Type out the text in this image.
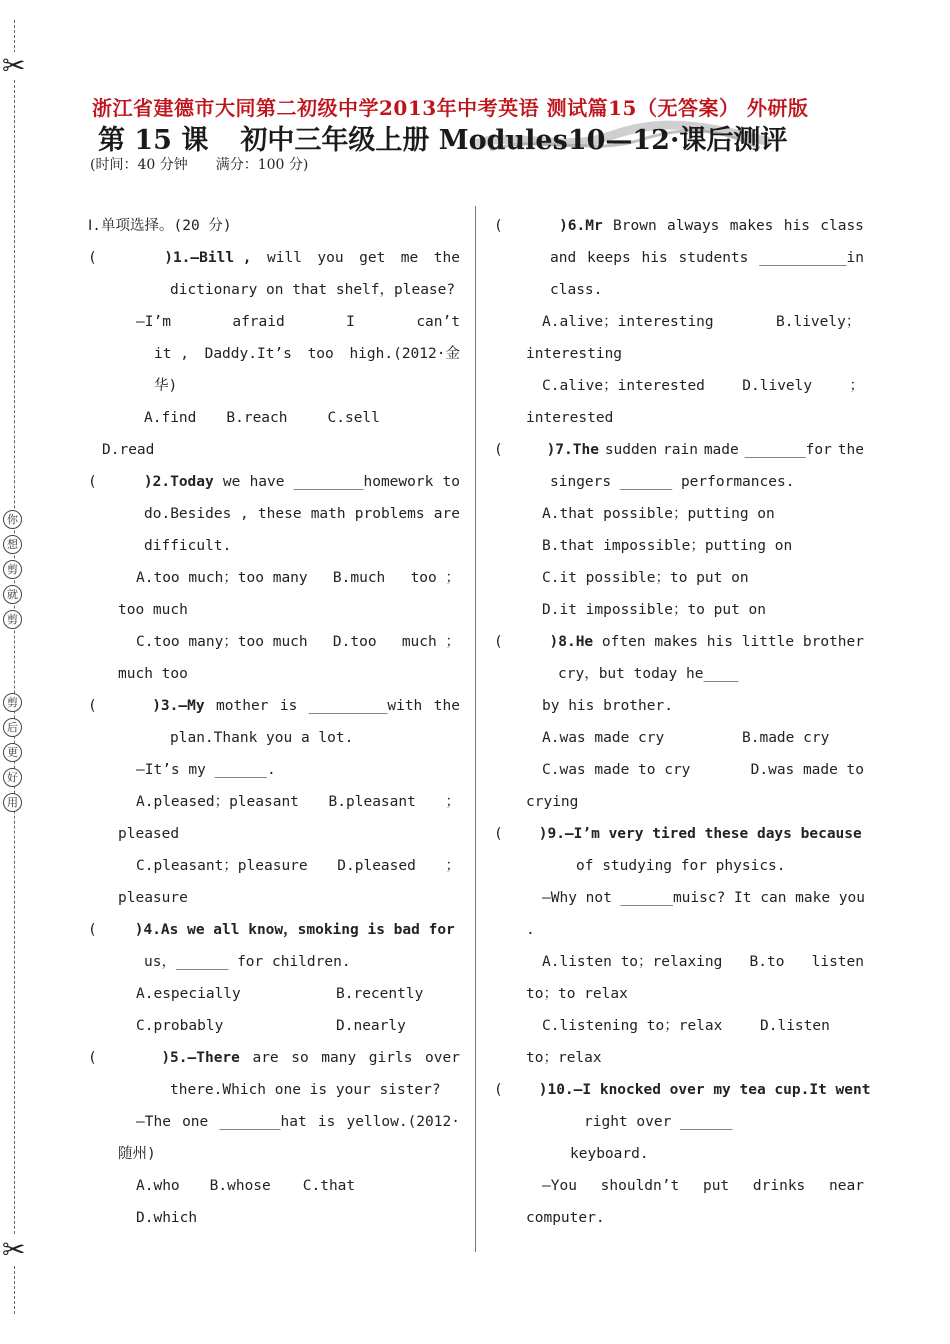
✂
✂
你
想
剪
就
剪
剪
后
更
好
用
浙江省建德市大同第二初级中学2013年中考英语 测试篇15（无答案） 外研版
第 15 课 初中三年级上册 Modules10—12·课后测评
(时间：40 分钟 满分：100 分)
Ⅰ.单项选择。(20 分)
(	)1.—Bill , will you get me the
dictionary on that shelf，please?
—I’m	afraid	I	can’t
it , Daddy.It’s too high.(2012·金
华)
A.find B.reach	C.sell
D.read
(	)2.Today we have ________homework to
do.Besides , these math problems are
difficult.
A.too much；too many B.much too ；
too much
C.too many；too much D.too much ；
much too
(	)3.—My mother is _________with the
plan.Thank you a lot.
—It’s my ______.
A.pleased；pleasant B.pleasant ；
pleased
C.pleasant；pleasure D.pleased ；
pleasure
(	)4.As we all know，smoking is bad for
us，______ for children.
A.especially	B.recently
C.probably	D.nearly
(	)5.—There are so many girls over
there.Which one is your sister?
—The one _______hat is yellow.(2012·
随州)
A.who B.whose C.that
D.which
(	)6.Mr Brown always makes his class
and keeps his students __________in
class.
A.alive；interesting	B.lively；
interesting
C.alive；interested	D.lively	；
interested
(	)7.The sudden rain made _______for the
singers ______ performances.
A.that possible；putting on
B.that impossible；putting on
C.it possible；to put on
D.it impossible；to put on
(	)8.He often makes his little brother
cry，but today he____
by his brother.
A.was made cry	B.made cry
C.was made to cry	D.was made to
crying
( )9.—I’m very tired these days because
of studying for physics.
—Why not ______muisc? It can make you
.
A.listen to；relaxing B.to listen
to；to relax
C.listening to；relax	D.listen
to；relax
( )10.—I knocked over my tea cup.It went
right over ______
keyboard.
—You shouldn’t put drinks near
computer.
